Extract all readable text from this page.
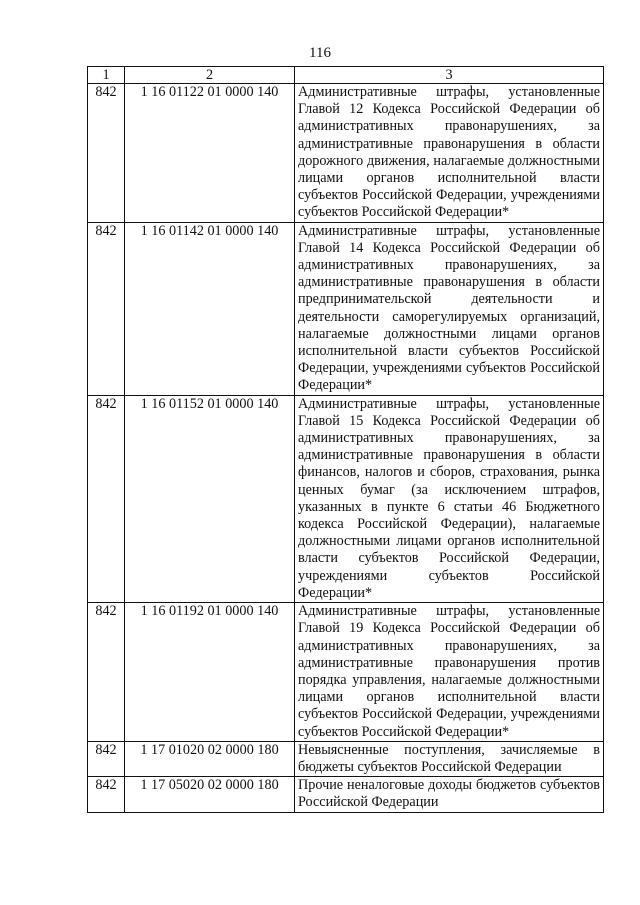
116
1	2	3
842	1 16 01122 01 0000 140	Административные штрафы, установленные Главой 12 Кодекса Российской Федерации об административных правонарушениях, за административные правонарушения в области дорожного движения, налагаемые должностными лицами органов исполнительной власти субъектов Российской Федерации, учреждениями субъектов Российской Федерации*
842	1 16 01142 01 0000 140	Административные штрафы, установленные Главой 14 Кодекса Российской Федерации об административных правонарушениях, за административные правонарушения в области предпринимательской деятельности и деятельности саморегулируемых организаций, налагаемые должностными лицами органов исполнительной власти субъектов Российской Федерации, учреждениями субъектов Российской Федерации*
842	1 16 01152 01 0000 140	Административные штрафы, установленные Главой 15 Кодекса Российской Федерации об административных правонарушениях, за административные правонарушения в области финансов, налогов и сборов, страхования, рынка ценных бумаг (за исключением штрафов, указанных в пункте 6 статьи 46 Бюджетного кодекса Российской Федерации), налагаемые должностными лицами органов исполнительной власти субъектов Российской Федерации, учреждениями субъектов Российской Федерации*
842	1 16 01192 01 0000 140	Административные штрафы, установленные Главой 19 Кодекса Российской Федерации об административных правонарушениях, за административные правонарушения против порядка управления, налагаемые должностными лицами органов исполнительной власти субъектов Российской Федерации, учреждениями субъектов Российской Федерации*
842	1 17 01020 02 0000 180	Невыясненные поступления, зачисляемые в бюджеты субъектов Российской Федерации
842	1 17 05020 02 0000 180	Прочие неналоговые доходы бюджетов субъектов Российской Федерации
